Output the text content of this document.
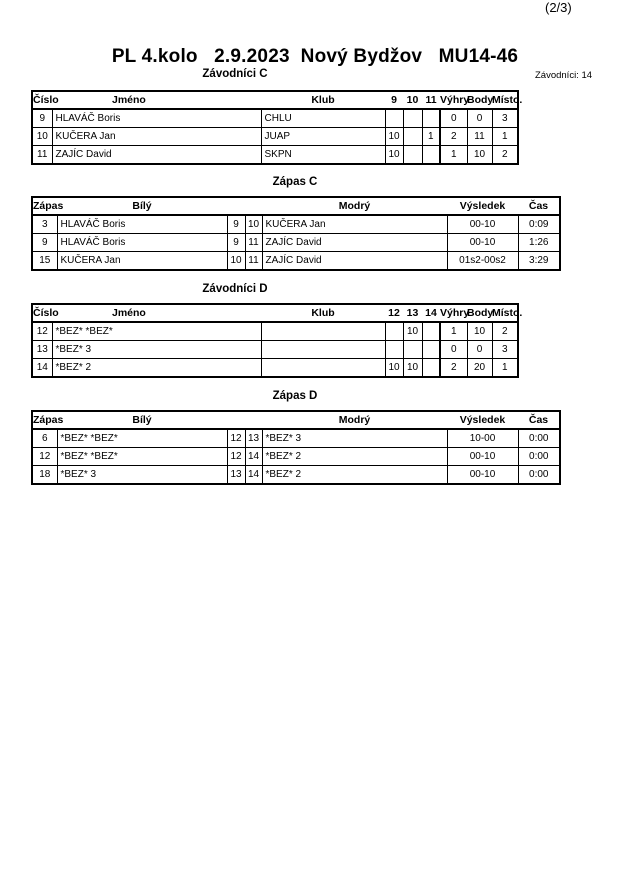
(2/3)
PL 4.kolo   2.9.2023  Nový Bydžov   MU14-46
Závodníci: 14
Závodníci C
Číslo	Jméno	Klub	9	10	11	Výhry	Body	Místo.
9	HLAVÁČ Boris	CHLU				0	0	3
10	KUČERA Jan	JUAP	10		1	2	11	1
11	ZAJÍC David	SKPN	10			1	10	2
Zápas C
Zápas	Bílý			Modrý	Výsledek	Čas
3	HLAVÁČ Boris	9	10	KUČERA Jan	00-10	0:09
9	HLAVÁČ Boris	9	11	ZAJÍC David	00-10	1:26
15	KUČERA Jan	10	11	ZAJÍC David	01s2-00s2	3:29
Závodníci D
Číslo	Jméno	Klub	12	13	14	Výhry	Body	Místo.
12	*BEZ* *BEZ*			10		1	10	2
13	*BEZ* 3					0	0	3
14	*BEZ* 2		10	10		2	20	1
Zápas D
Zápas	Bílý			Modrý	Výsledek	Čas
6	*BEZ* *BEZ*	12	13	*BEZ* 3	10-00	0:00
12	*BEZ* *BEZ*	12	14	*BEZ* 2	00-10	0:00
18	*BEZ* 3	13	14	*BEZ* 2	00-10	0:00
